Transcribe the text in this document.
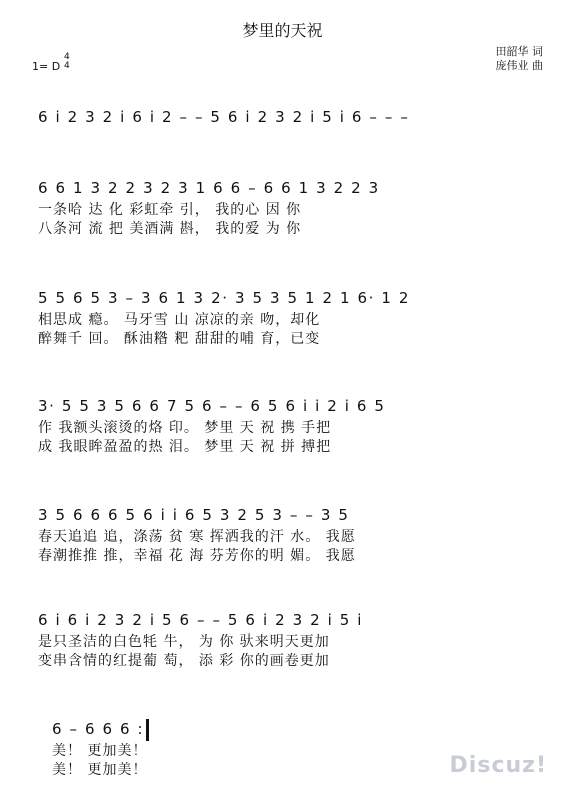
梦里的天祝
田韶华 词
庞伟业 曲
1= D
4
4
6 i 2 3 2 i 6 i 2 – – 5 6 i 2 3 2 i 5 i 6 – – –
6 6 1 3 2 2 3 2 3 1 6 6 – 6 6 1 3 2 2 3
一条哈 达 化 彩虹牵 引， 我的心 因 你
八条河 流 把 美酒满 斟， 我的爱 为 你
5 5 6 5 3 – 3 6 1 3 2· 3 5 3 5 1 2 1 6· 1 2
相思成 瘾。 马牙雪 山 凉凉的亲 吻，却化
醉舞千 回。 酥油糌 粑 甜甜的哺 育，已变
3· 5 5 3 5 6 6 7 5 6 – – 6 5 6 i i 2 i 6 5
作 我额头滚烫的烙 印。 梦里 天 祝 携 手把
成 我眼眸盈盈的热 泪。 梦里 天 祝 拼 搏把
3 5 6 6 6 5 6 i i 6 5 3 2 5 3 – – 3 5
春天追追 追，涤荡 贫 寒 挥洒我的汗 水。 我愿
春潮推推 推，幸福 花 海 芬芳你的明 媚。 我愿
6 i 6 i 2 3 2 i 5 6 – – 5 6 i 2 3 2 i 5 i
是只圣洁的白色牦 牛， 为 你 驮来明天更加
变串含情的红提葡 萄， 添 彩 你的画卷更加
6 – 6 6 6 :
美！ 更加美！
美！ 更加美！	Discuz!
